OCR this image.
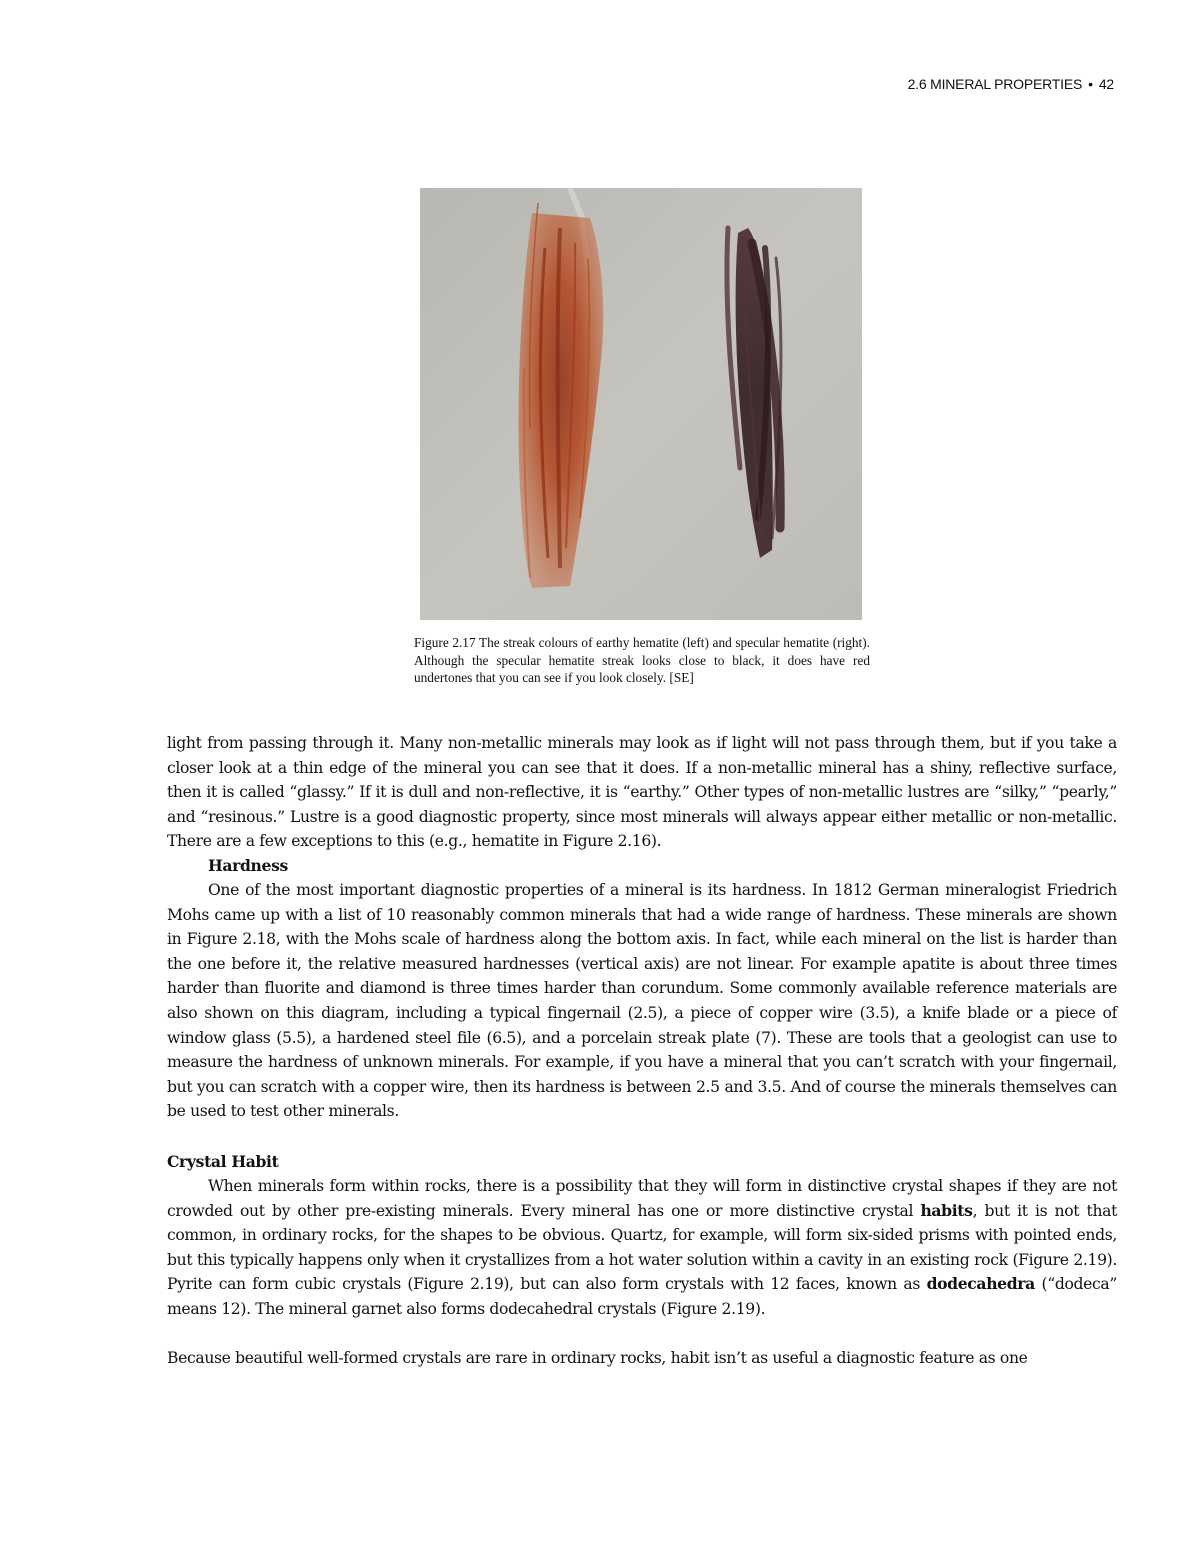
2.6 MINERAL PROPERTIES • 42
Figure 2.17 The streak colours of earthy hematite (left) and specular hematite (right). Although the specular hematite streak looks close to black, it does have red undertones that you can see if you look closely. [SE]

light from passing through it. Many non-metallic minerals may look as if light will not pass through them, but if you take a closer look at a thin edge of the mineral you can see that it does. If a non-metallic mineral has a shiny, reflective surface, then it is called “glassy.” If it is dull and non-reflective, it is “earthy.” Other types of non-metallic lustres are “silky,” “pearly,” and “resinous.” Lustre is a good diagnostic property, since most minerals will always appear either metallic or non-metallic. There are a few exceptions to this (e.g., hematite in Figure 2.16).

Hardness

One of the most important diagnostic properties of a mineral is its hardness. In 1812 German mineralogist Friedrich Mohs came up with a list of 10 reasonably common minerals that had a wide range of hardness. These minerals are shown in Figure 2.18, with the Mohs scale of hardness along the bottom axis. In fact, while each mineral on the list is harder than the one before it, the relative measured hardnesses (vertical axis) are not linear. For example apatite is about three times harder than fluorite and diamond is three times harder than corundum. Some commonly available reference materials are also shown on this diagram, including a typical fingernail (2.5), a piece of copper wire (3.5), a knife blade or a piece of window glass (5.5), a hardened steel file (6.5), and a porcelain streak plate (7). These are tools that a geologist can use to measure the hardness of unknown minerals. For example, if you have a mineral that you can’t scratch with your fingernail, but you can scratch with a copper wire, then its hardness is between 2.5 and 3.5. And of course the minerals themselves can be used to test other minerals.

Crystal Habit

When minerals form within rocks, there is a possibility that they will form in distinctive crystal shapes if they are not crowded out by other pre-existing minerals. Every mineral has one or more distinctive crystal habits, but it is not that common, in ordinary rocks, for the shapes to be obvious. Quartz, for example, will form six-sided prisms with pointed ends, but this typically happens only when it crystallizes from a hot water solution within a cavity in an existing rock (Figure 2.19). Pyrite can form cubic crystals (Figure 2.19), but can also form crystals with 12 faces, known as dodecahedra (“dodeca” means 12). The mineral garnet also forms dodecahedral crystals (Figure 2.19).

Because beautiful well-formed crystals are rare in ordinary rocks, habit isn’t as useful a diagnostic feature as one
